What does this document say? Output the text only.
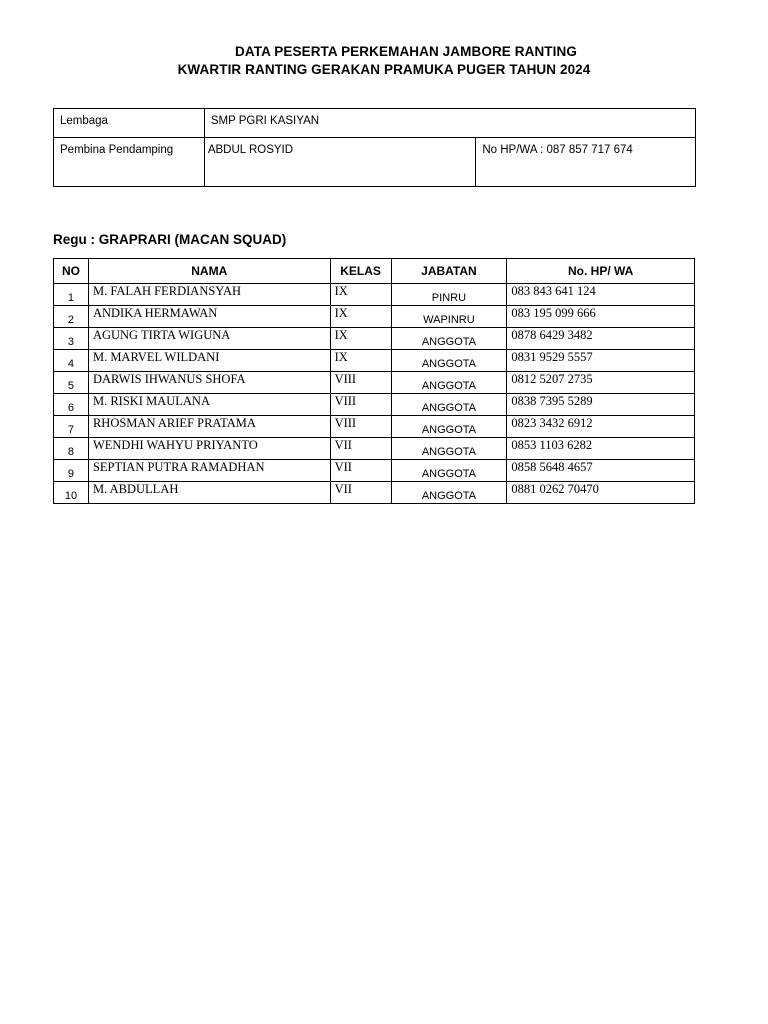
DATA PESERTA PERKEMAHAN JAMBORE RANTING
KWARTIR RANTING GERAKAN PRAMUKA PUGER TAHUN 2024
Lembaga	SMP PGRI KASIYAN	
Pembina Pendamping	ABDUL ROSYID	No HP/WA : 087 857 717 674
Regu : GRAPRARI (MACAN SQUAD)
NO	NAMA	KELAS	JABATAN	No. HP/ WA
1	M. FALAH FERDIANSYAH	IX	PINRU	083 843 641 124
2	ANDIKA HERMAWAN	IX	WAPINRU	083 195 099 666
3	AGUNG TIRTA WIGUNA	IX	ANGGOTA	0878 6429 3482
4	M. MARVEL WILDANI	IX	ANGGOTA	0831 9529 5557
5	DARWIS IHWANUS SHOFA	VIII	ANGGOTA	0812 5207 2735
6	M. RISKI MAULANA	VIII	ANGGOTA	0838 7395 5289
7	RHOSMAN ARIEF PRATAMA	VIII	ANGGOTA	0823 3432 6912
8	WENDHI WAHYU PRIYANTO	VII	ANGGOTA	0853 1103 6282
9	SEPTIAN PUTRA RAMADHAN	VII	ANGGOTA	0858 5648 4657
10	M. ABDULLAH	VII	ANGGOTA	0881 0262 70470
